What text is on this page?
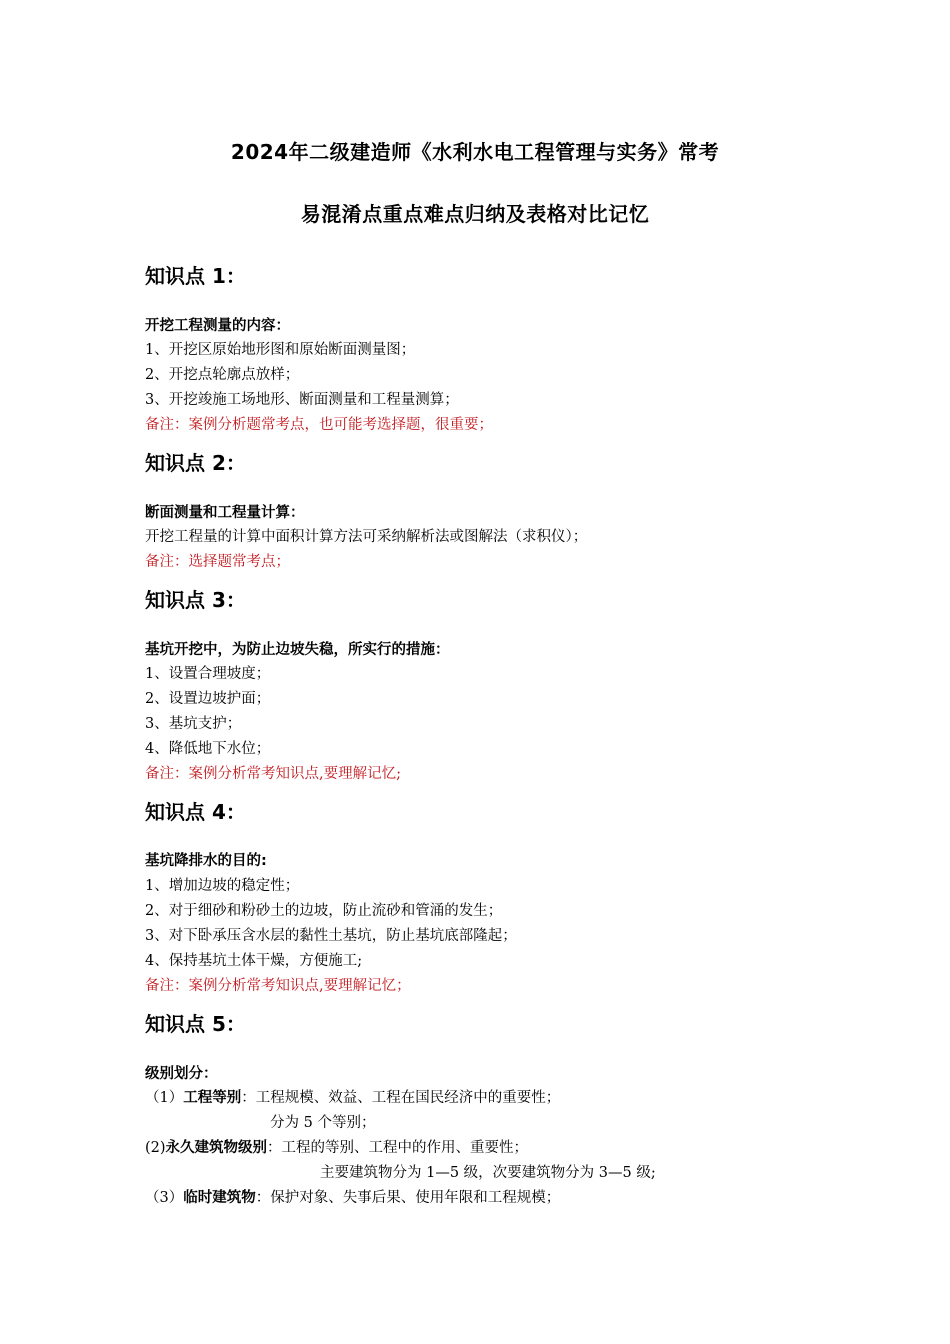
2024年二级建造师《水利水电工程管理与实务》常考
易混淆点重点难点归纳及表格对比记忆
知识点 1：
开挖工程测量的内容：
1、开挖区原始地形图和原始断面测量图；
2、开挖点轮廓点放样；
3、开挖竣施工场地形、断面测量和工程量测算；
备注：案例分析题常考点，也可能考选择题，很重要；
知识点 2：
断面测量和工程量计算：
开挖工程量的计算中面积计算方法可采纳解析法或图解法（求积仪）；
备注：选择题常考点；
知识点 3：
基坑开挖中，为防止边坡失稳，所实行的措施：
1、设置合理坡度；
2、设置边坡护面；
3、基坑支护；
4、降低地下水位；
备注：案例分析常考知识点,要理解记忆;
知识点 4：
基坑降排水的目的:
1、增加边坡的稳定性；
2、对于细砂和粉砂土的边坡，防止流砂和管涌的发生；
3、对下卧承压含水层的黏性土基坑，防止基坑底部隆起；
4、保持基坑土体干燥，方便施工;
备注：案例分析常考知识点,要理解记忆；
知识点 5：
级别划分：
（1）工程等别：工程规模、效益、工程在国民经济中的重要性；
分为 5 个等别；
(2)永久建筑物级别：工程的等别、工程中的作用、重要性；
主要建筑物分为 1—5 级，次要建筑物分为 3—5 级;
（3）临时建筑物：保护对象、失事后果、使用年限和工程规模；
